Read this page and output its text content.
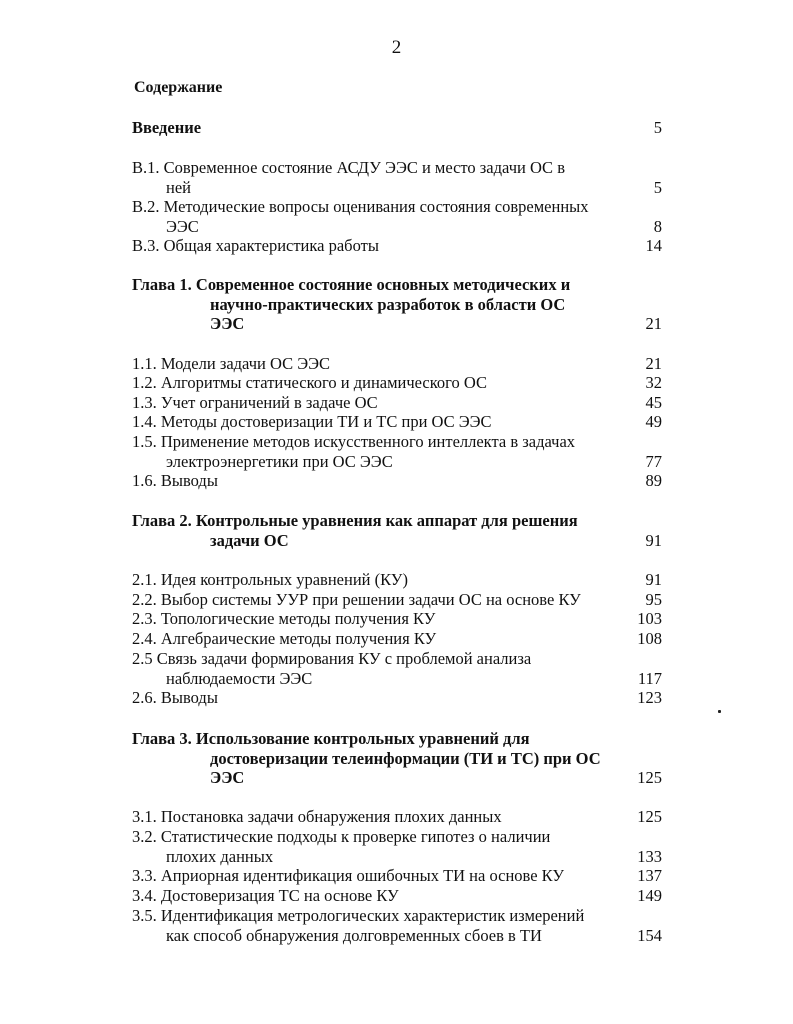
2
Содержание
Введение	5
В.1. Современное состояние АСДУ ЭЭС и место задачи ОС в
ней	5
В.2. Методические вопросы оценивания состояния современных
ЭЭС	8
В.3. Общая характеристика работы	14
Глава 1. Современное состояние основных методических и
научно-практических разработок в области ОС
ЭЭС	21
1.1. Модели задачи ОС ЭЭС	21
1.2. Алгоритмы статического и динамического ОС	32
1.3. Учет ограничений в задаче ОС	45
1.4. Методы достоверизации ТИ и ТС при ОС ЭЭС	49
1.5. Применение методов искусственного интеллекта в задачах
электроэнергетики при ОС ЭЭС	77
1.6. Выводы	89
Глава 2. Контрольные уравнения как аппарат для решения
задачи ОС	91
2.1. Идея контрольных уравнений (КУ)	91
2.2. Выбор системы УУР при решении задачи ОС на основе КУ	95
2.3. Топологические методы получения КУ	103
2.4. Алгебраические методы получения КУ	108
2.5 Связь задачи формирования КУ с проблемой анализа
наблюдаемости ЭЭС	117
2.6. Выводы	123
Глава 3. Использование контрольных уравнений для
достоверизации телеинформации (ТИ и ТС) при ОС
ЭЭС	125
3.1. Постановка задачи обнаружения плохих данных	125
3.2. Статистические подходы к проверке гипотез о наличии
плохих данных	133
3.3. Априорная идентификация ошибочных ТИ на основе КУ	137
3.4. Достоверизация ТС на основе КУ	149
3.5. Идентификация метрологических характеристик измерений
как способ обнаружения долговременных сбоев в ТИ	154
